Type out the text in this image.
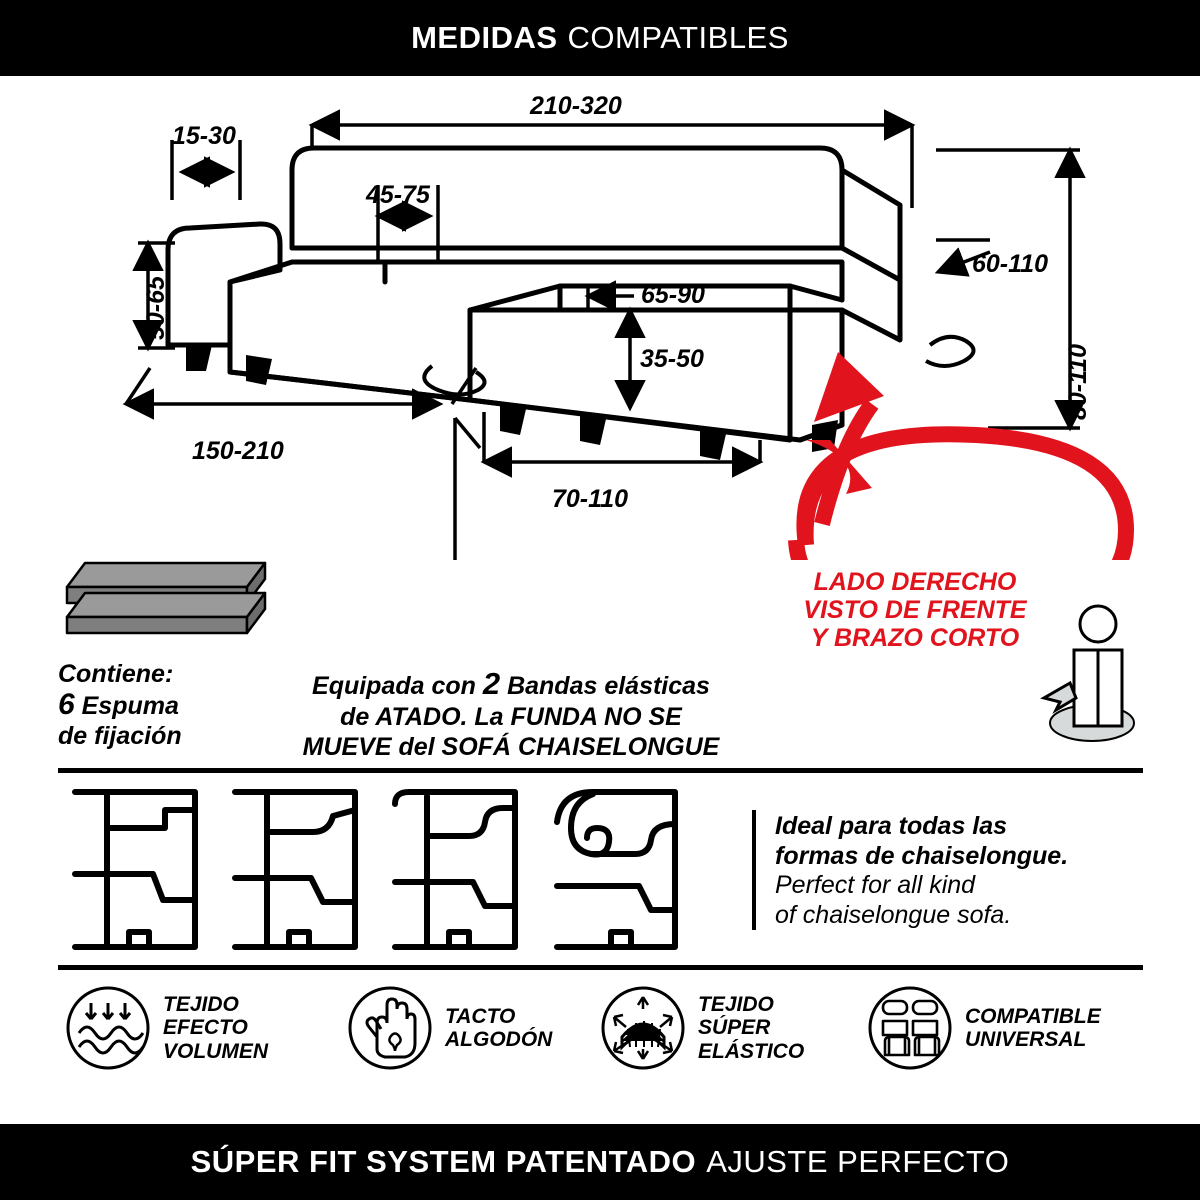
MEDIDAS COMPATIBLES
210-320
15-30
45-75
50-65
60-110
80-110
65-90
35-50
150-210
70-110
Contiene:
6 Espuma
de fijación
Equipada con 2 Bandas elásticas
de ATADO. La FUNDA NO SE
MUEVE del SOFÁ CHAISELONGUE
LADO DERECHO
VISTO DE FRENTE
Y BRAZO CORTO
Ideal para todas las
formas de chaiselongue.
Perfect for all kind
of chaiselongue sofa.
TEJIDO
EFECTO
VOLUMEN
TACTO
ALGODÓN
TEJIDO
SÚPER
ELÁSTICO
COMPATIBLE
UNIVERSAL
SÚPER FIT SYSTEM PATENTADO AJUSTE PERFECTO
